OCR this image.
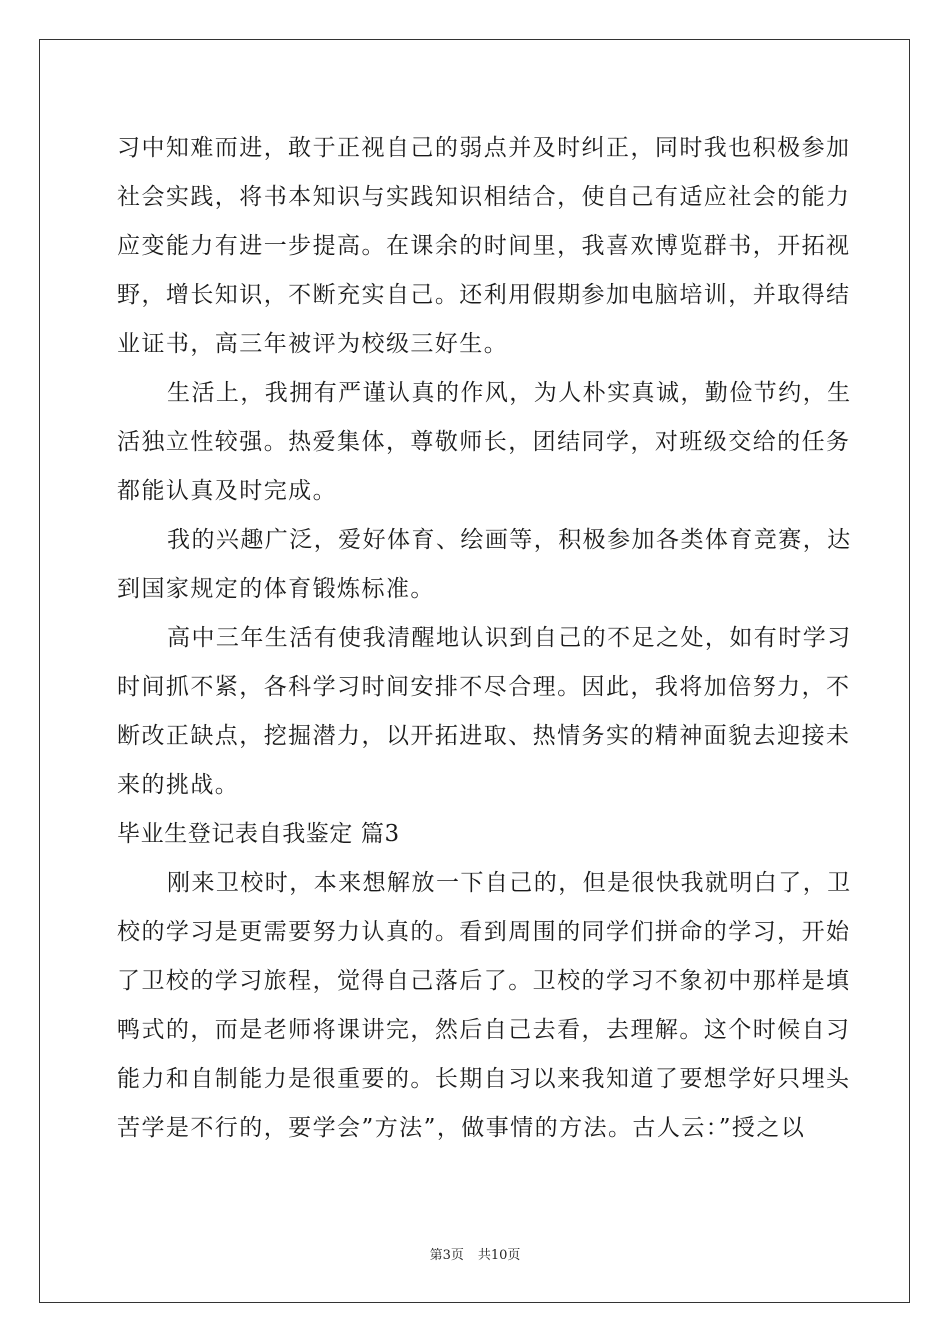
习中知难而进，敢于正视自己的弱点并及时纠正，同时我也积极参加
社会实践，将书本知识与实践知识相结合，使自己有适应社会的能力
应变能力有进一步提高。在课余的时间里，我喜欢博览群书，开拓视
野，增长知识，不断充实自己。还利用假期参加电脑培训，并取得结
业证书，高三年被评为校级三好生。
生活上，我拥有严谨认真的作风，为人朴实真诚，勤俭节约，生
活独立性较强。热爱集体，尊敬师长，团结同学，对班级交给的任务
都能认真及时完成。
我的兴趣广泛，爱好体育、绘画等，积极参加各类体育竞赛，达
到国家规定的体育锻炼标准。
高中三年生活有使我清醒地认识到自己的不足之处，如有时学习
时间抓不紧，各科学习时间安排不尽合理。因此，我将加倍努力，不
断改正缺点，挖掘潜力，以开拓进取、热情务实的精神面貌去迎接未
来的挑战。
毕业生登记表自我鉴定 篇3
刚来卫校时，本来想解放一下自己的，但是很快我就明白了，卫
校的学习是更需要努力认真的。看到周围的同学们拼命的学习，开始
了卫校的学习旅程，觉得自己落后了。卫校的学习不象初中那样是填
鸭式的，而是老师将课讲完，然后自己去看，去理解。这个时候自习
能力和自制能力是很重要的。长期自习以来我知道了要想学好只埋头
苦学是不行的，要学会”方法”，做事情的方法。古人云：”授之以
第3页 共10页
